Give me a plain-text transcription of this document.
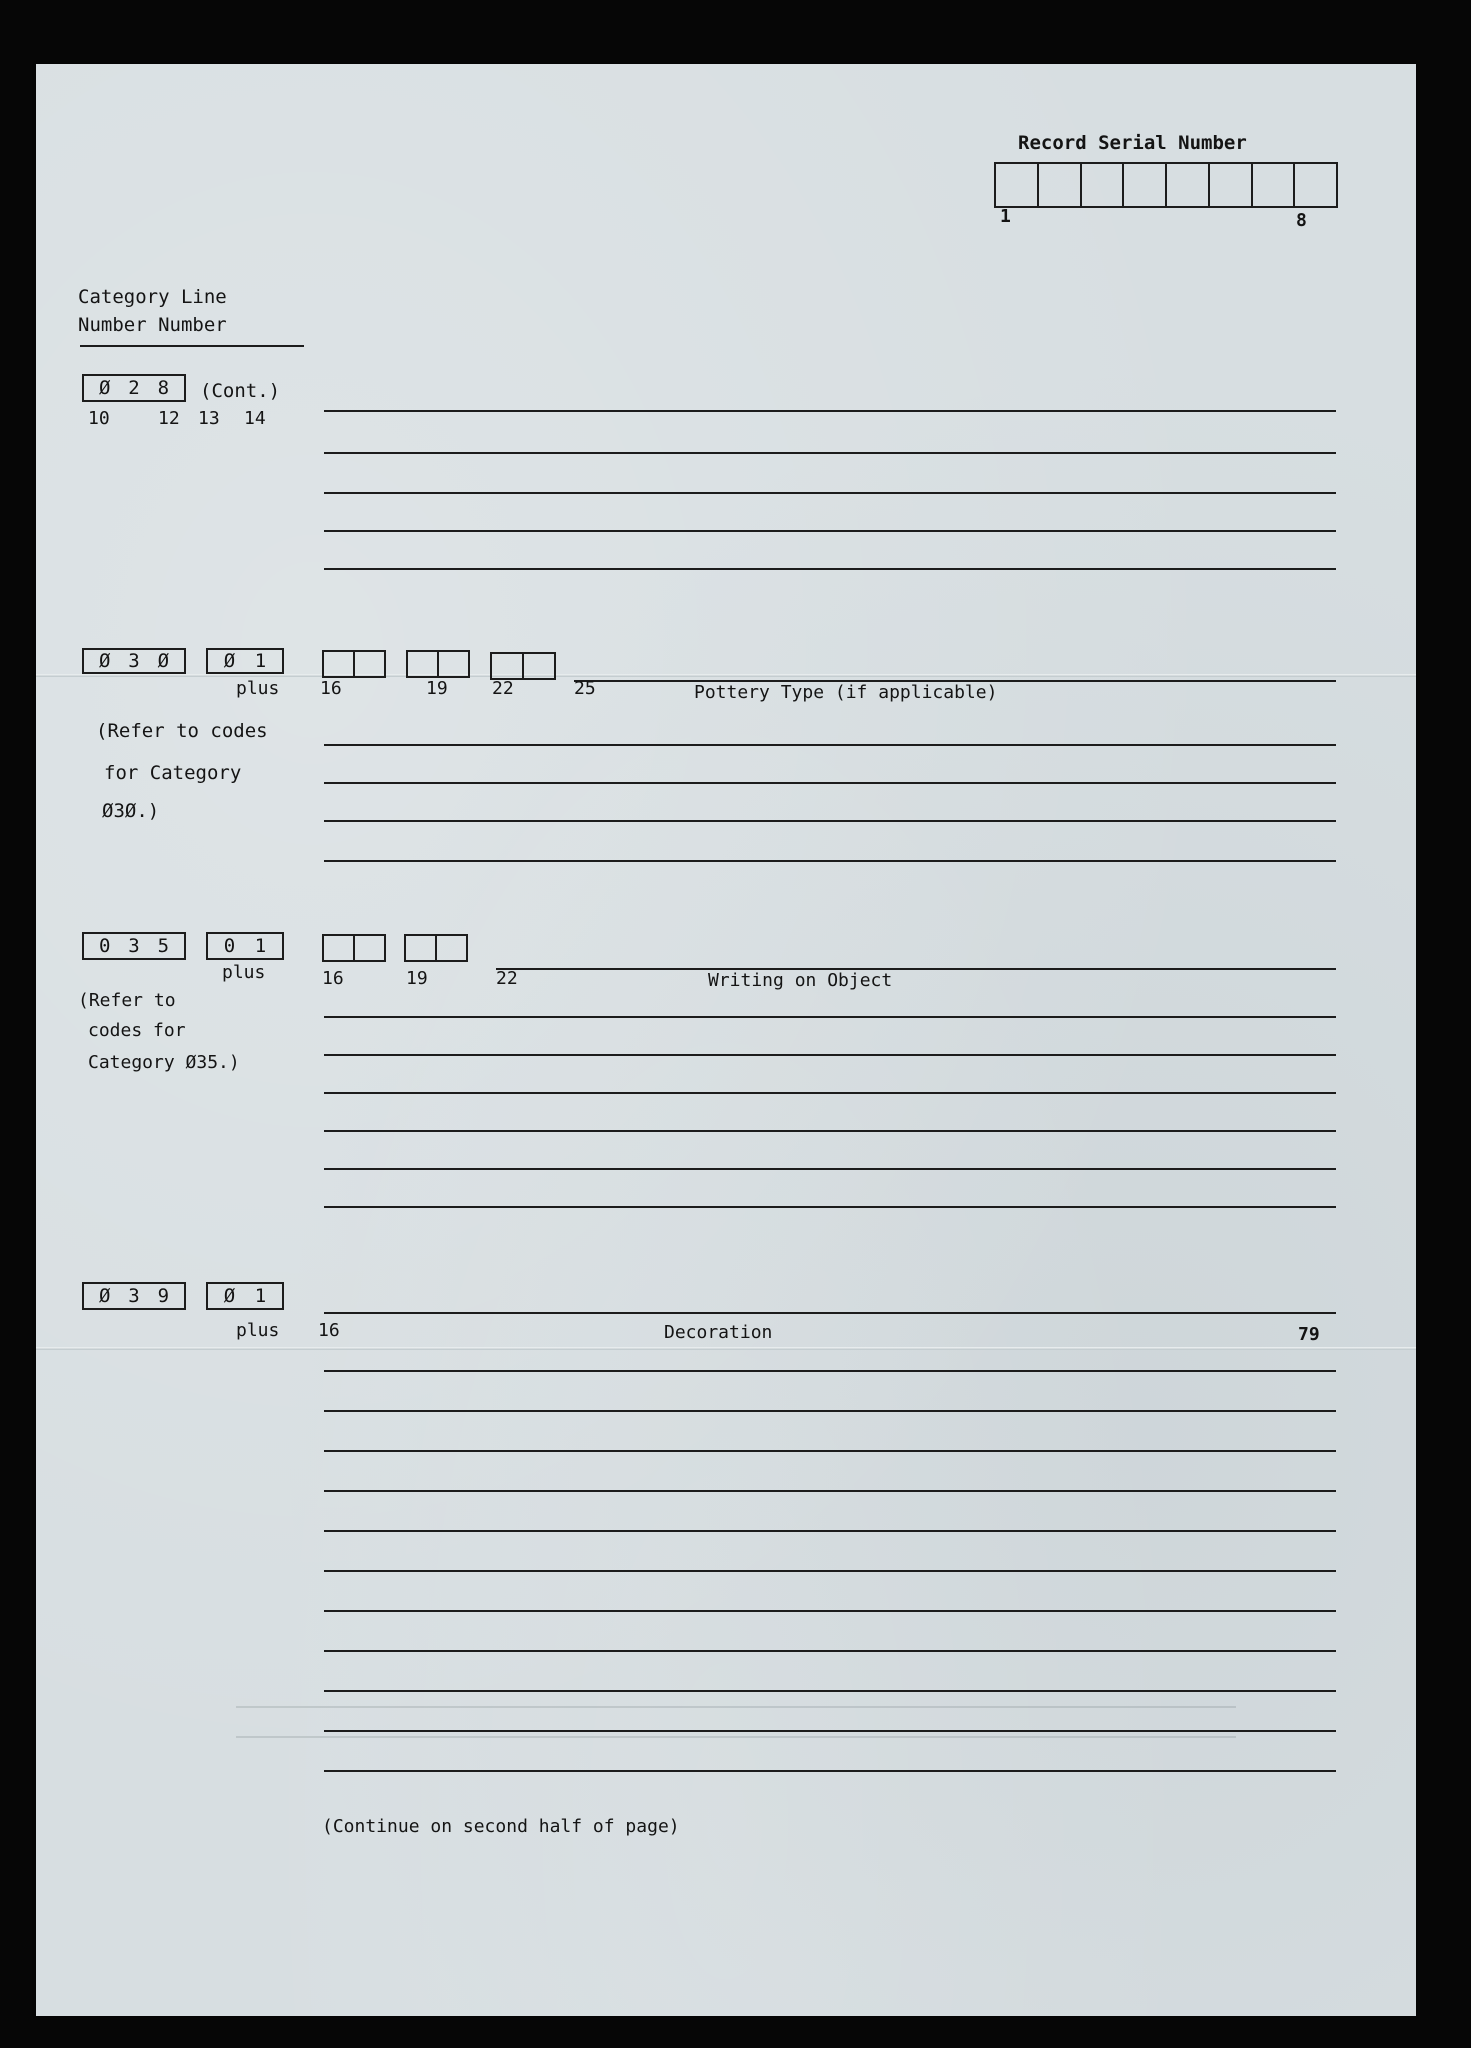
Record Serial Number
1	8
Category Line
Number Number
Ø 2 8 (Cont.)
10	12 13 14
Ø 3 Ø	Ø 1
plus 16	19 22	25	Pottery Type (if applicable)
(Refer to codes
for Category
Ø3Ø.)
0 3 5	0 1
plus	16	19	22	Writing on Object
(Refer to
codes for
Category Ø35.)
Ø 3 9	Ø 1
plus 16	Decoration	79
(Continue on second half of page)
